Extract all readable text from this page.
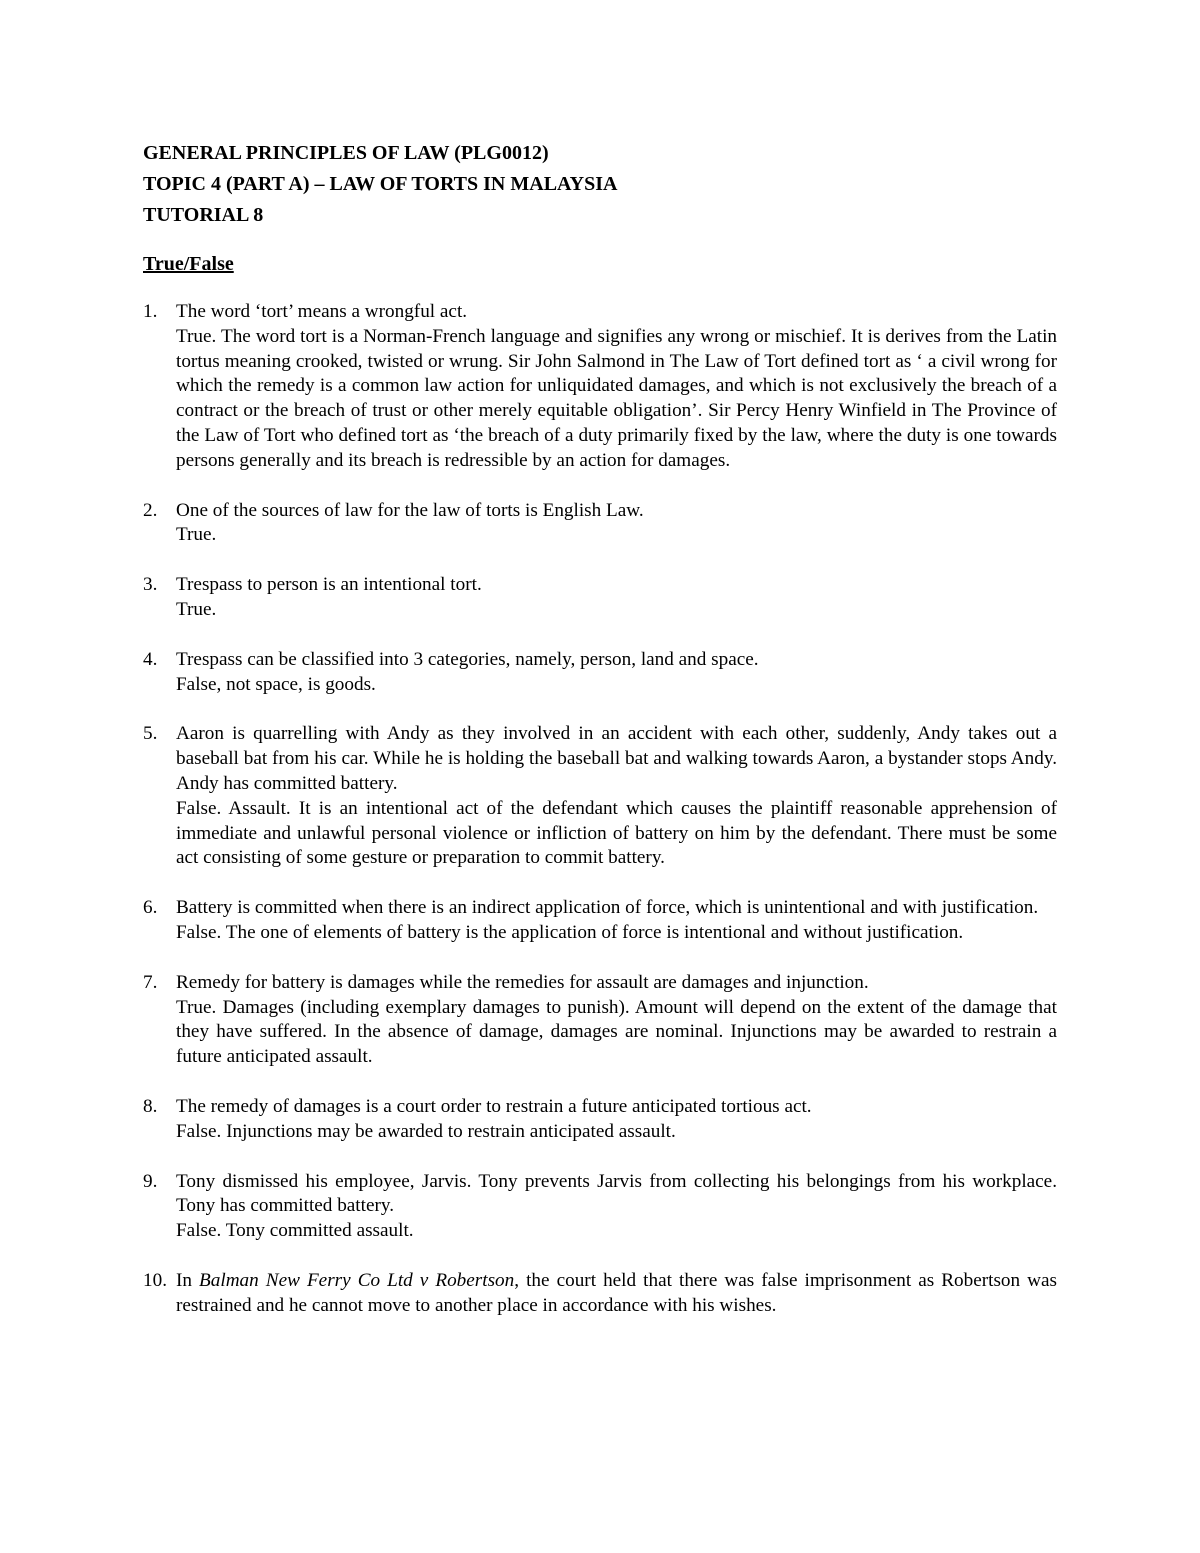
GENERAL PRINCIPLES OF LAW (PLG0012)
TOPIC 4 (PART A) – LAW OF TORTS IN MALAYSIA
TUTORIAL 8
True/False
1. The word ‘tort’ means a wrongful act.

True. The word tort is a Norman-French language and signifies any wrong or mischief. It is derives from the Latin tortus meaning crooked, twisted or wrung. Sir John Salmond in The Law of Tort defined tort as ‘ a civil wrong for which the remedy is a common law action for unliquidated damages, and which is not exclusively the breach of a contract or the breach of trust or other merely equitable obligation’. Sir Percy Henry Winfield in The Province of the Law of Tort who defined tort as ‘the breach of a duty primarily fixed by the law, where the duty is one towards persons generally and its breach is redressible by an action for damages.

2. One of the sources of law for the law of torts is English Law.

True.

3. Trespass to person is an intentional tort.

True.

4. Trespass can be classified into 3 categories, namely, person, land and space.

False, not space, is goods.

5. Aaron is quarrelling with Andy as they involved in an accident with each other, suddenly, Andy takes out a baseball bat from his car. While he is holding the baseball bat and walking towards Aaron, a bystander stops Andy. Andy has committed battery.

False. Assault. It is an intentional act of the defendant which causes the plaintiff reasonable apprehension of immediate and unlawful personal violence or infliction of battery on him by the defendant. There must be some act consisting of some gesture or preparation to commit battery.

6. Battery is committed when there is an indirect application of force, which is unintentional and with justification.

False. The one of elements of battery is the application of force is intentional and without justification.

7. Remedy for battery is damages while the remedies for assault are damages and injunction.

True. Damages (including exemplary damages to punish). Amount will depend on the extent of the damage that they have suffered. In the absence of damage, damages are nominal. Injunctions may be awarded to restrain a future anticipated assault.

8. The remedy of damages is a court order to restrain a future anticipated tortious act.

False. Injunctions may be awarded to restrain anticipated assault.

9. Tony dismissed his employee, Jarvis. Tony prevents Jarvis from collecting his belongings from his workplace. Tony has committed battery.

False. Tony committed assault.

10. In Balman New Ferry Co Ltd v Robertson, the court held that there was false imprisonment as Robertson was restrained and he cannot move to another place in accordance with his wishes.
